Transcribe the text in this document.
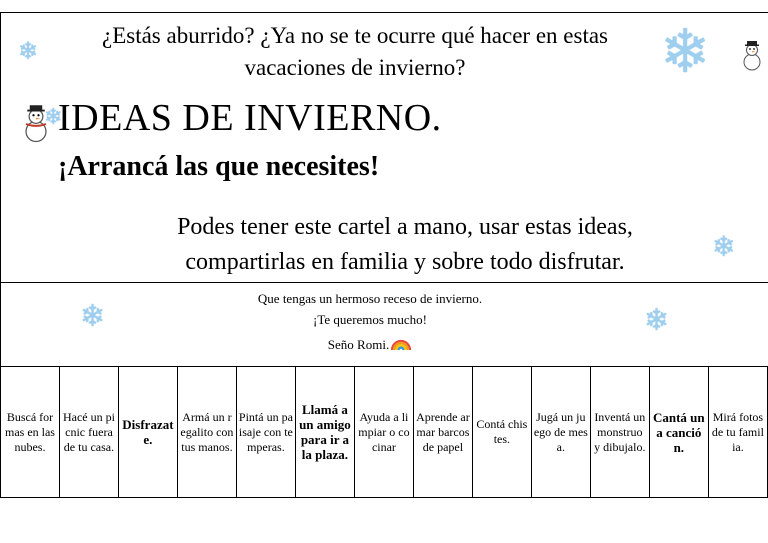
¿Estás aburrido? ¿Ya no se te ocurre qué hacer en estas vacaciones de invierno?
IDEAS DE INVIERNO.
¡Arrancá las que necesites!
Podes tener este cartel a mano, usar estas ideas, compartirlas en familia y sobre todo disfrutar.
Que tengas un hermoso receso de invierno.
¡Te queremos mucho!
Seño Romi.
❄	❄
❄
❄	❄
❄
Buscá formas en las nubes.	Hacé un picnic fuera de tu casa.	Disfrazate.	Armá un regalito con tus manos.	Pintá un paisaje con temperas.	Llamá a un amigo para ir a la plaza.	Ayuda a limpiar o cocinar	Aprende armar barcos de papel	Contá chistes.	Jugá un juego de mesa.	Inventá un monstruo y dibujalo.	Cantá una canción.	Mirá fotos de tu familia.
